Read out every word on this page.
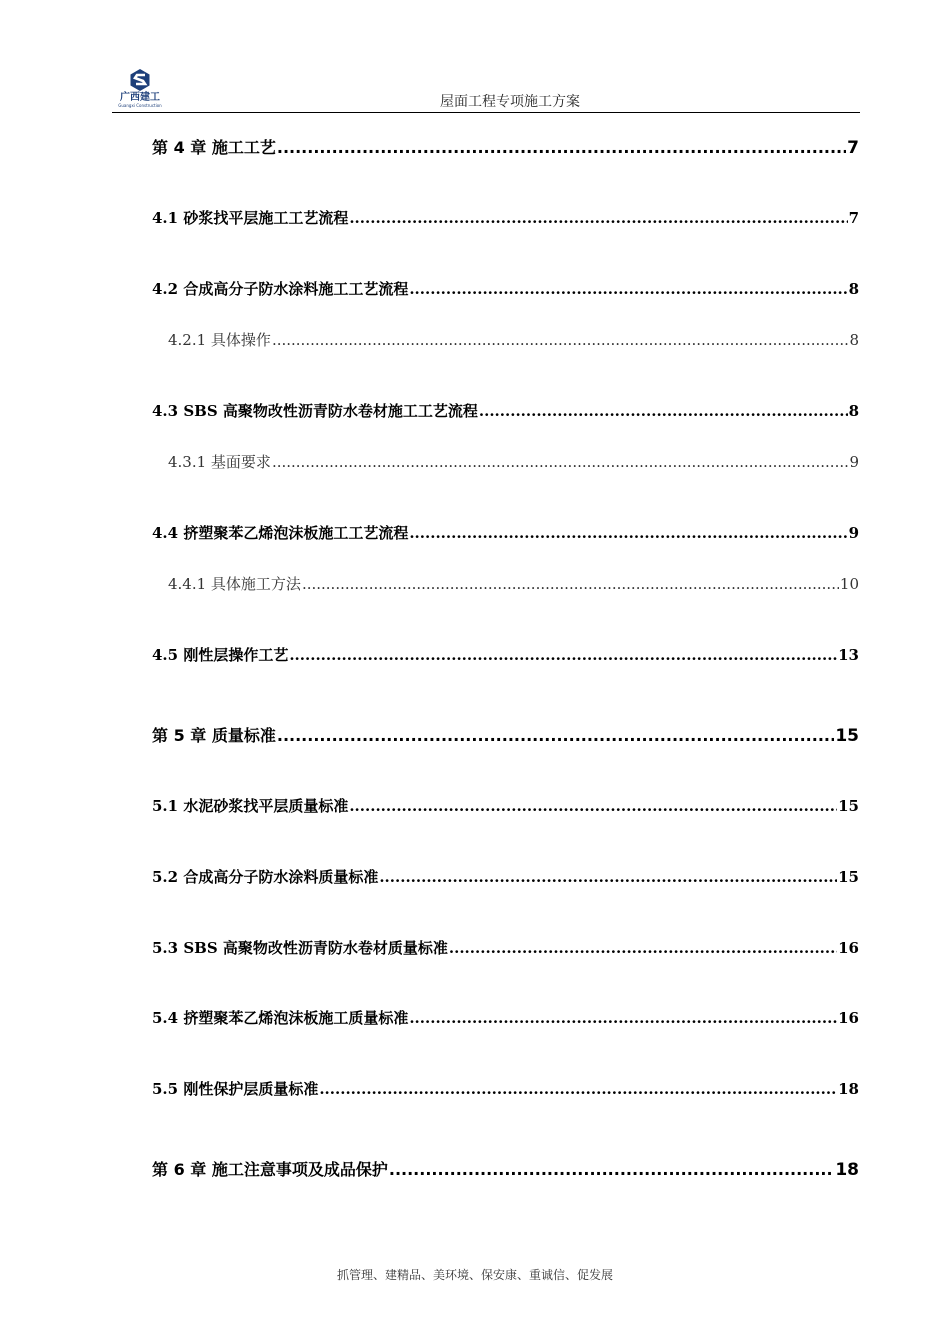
广西建工
Guangxi Construction	屋面工程专项施工方案
第 4 章 施工工艺 .....	7
4.1 砂浆找平层施工工艺流程 .....	7
4.2 合成高分子防水涂料施工工艺流程 .....	8
4.2.1 具体操作 .....	8
4.3 SBS 高聚物改性沥青防水卷材施工工艺流程 .....	8
4.3.1 基面要求 .....	9
4.4 挤塑聚苯乙烯泡沫板施工工艺流程 .....	9
4.4.1 具体施工方法 .....	10
4.5 刚性层操作工艺 .....	13
第 5 章 质量标准 .....	15
5.1 水泥砂浆找平层质量标准 .....	15
5.2 合成高分子防水涂料质量标准 .....	15
5.3 SBS 高聚物改性沥青防水卷材质量标准 .....	16
5.4 挤塑聚苯乙烯泡沫板施工质量标准 .....	16
5.5 刚性保护层质量标准 .....	18
第 6 章 施工注意事项及成品保护 .....	18
抓管理、建精品、美环境、保安康、重诚信、促发展
